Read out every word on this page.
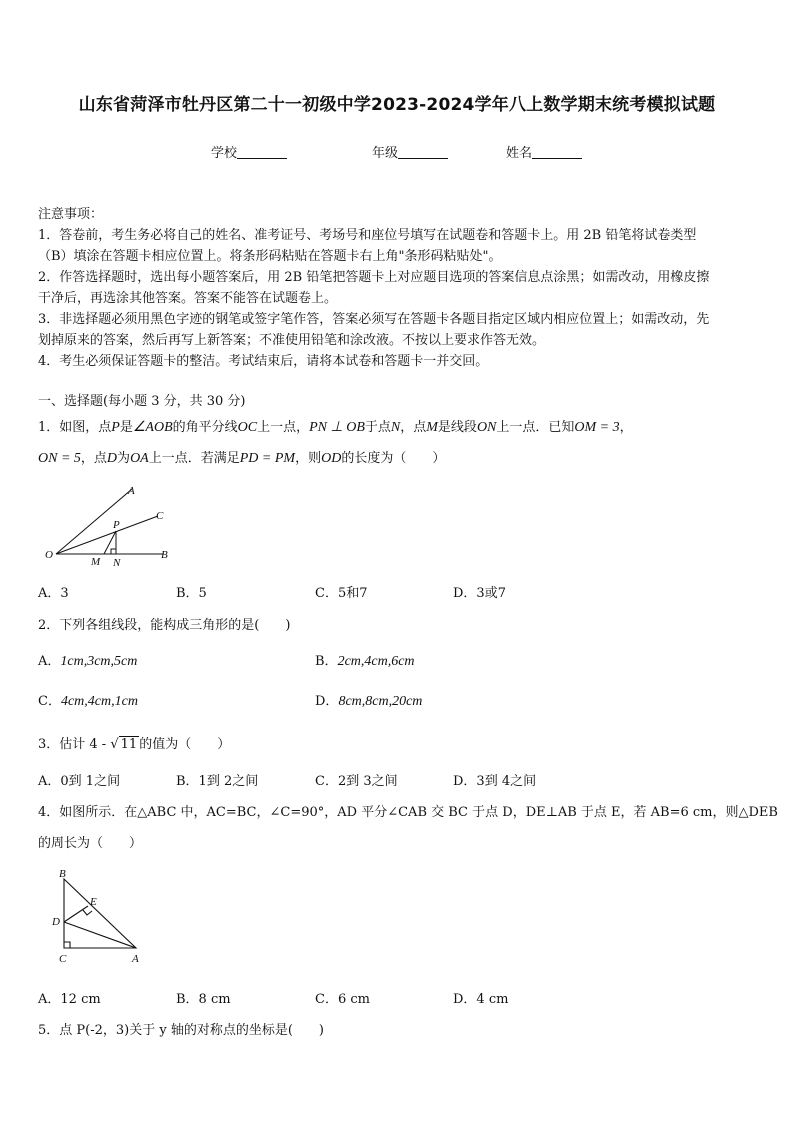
山东省菏泽市牡丹区第二十一初级中学2023-2024学年八上数学期末统考模拟试题
学校	年级	姓名
注意事项：
1．答卷前，考生务必将自己的姓名、准考证号、考场号和座位号填写在试题卷和答题卡上。用 2B 铅笔将试卷类型
（B）填涂在答题卡相应位置上。将条形码粘贴在答题卡右上角"条形码粘贴处"。
2．作答选择题时，选出每小题答案后，用 2B 铅笔把答题卡上对应题目选项的答案信息点涂黑；如需改动，用橡皮擦
干净后，再选涂其他答案。答案不能答在试题卷上。
3．非选择题必须用黑色字迹的钢笔或签字笔作答，答案必须写在答题卡各题目指定区域内相应位置上；如需改动，先
划掉原来的答案，然后再写上新答案；不准使用铅笔和涂改液。不按以上要求作答无效。
4．考生必须保证答题卡的整洁。考试结束后，请将本试卷和答题卡一并交回。
一、选择题(每小题 3 分，共 30 分)
1．如图，点P是∠AOB的角平分线OC上一点，PN ⊥ OB于点N，点M是线段ON上一点．已知OM = 3，
ON = 5，点D为OA上一点．若满足PD = PM，则OD的长度为（　　）
A
C
P
O
M N
B
A．3	B．5	C．5和7	D．3或7
2．下列各组线段，能构成三角形的是(　　)
A．1cm,3cm,5cm	B．2cm,4cm,6cm
C．4cm,4cm,1cm	D．8cm,8cm,20cm
3．估计 4 - √ 11 的值为（　　）
A．0到 1之间	B．1到 2之间	C．2到 3之间	D．3到 4之间
4．如图所示．在△ABC 中，AC=BC，∠C=90°，AD 平分∠CAB 交 BC 于点 D，DE⊥AB 于点 E，若 AB=6 cm，则△DEB
的周长为（　　）
B
E
D
C	A
A．12 cm	B．8 cm	C．6 cm	D．4 cm
5．点 P(-2，3)关于 y 轴的对称点的坐标是(　　)
